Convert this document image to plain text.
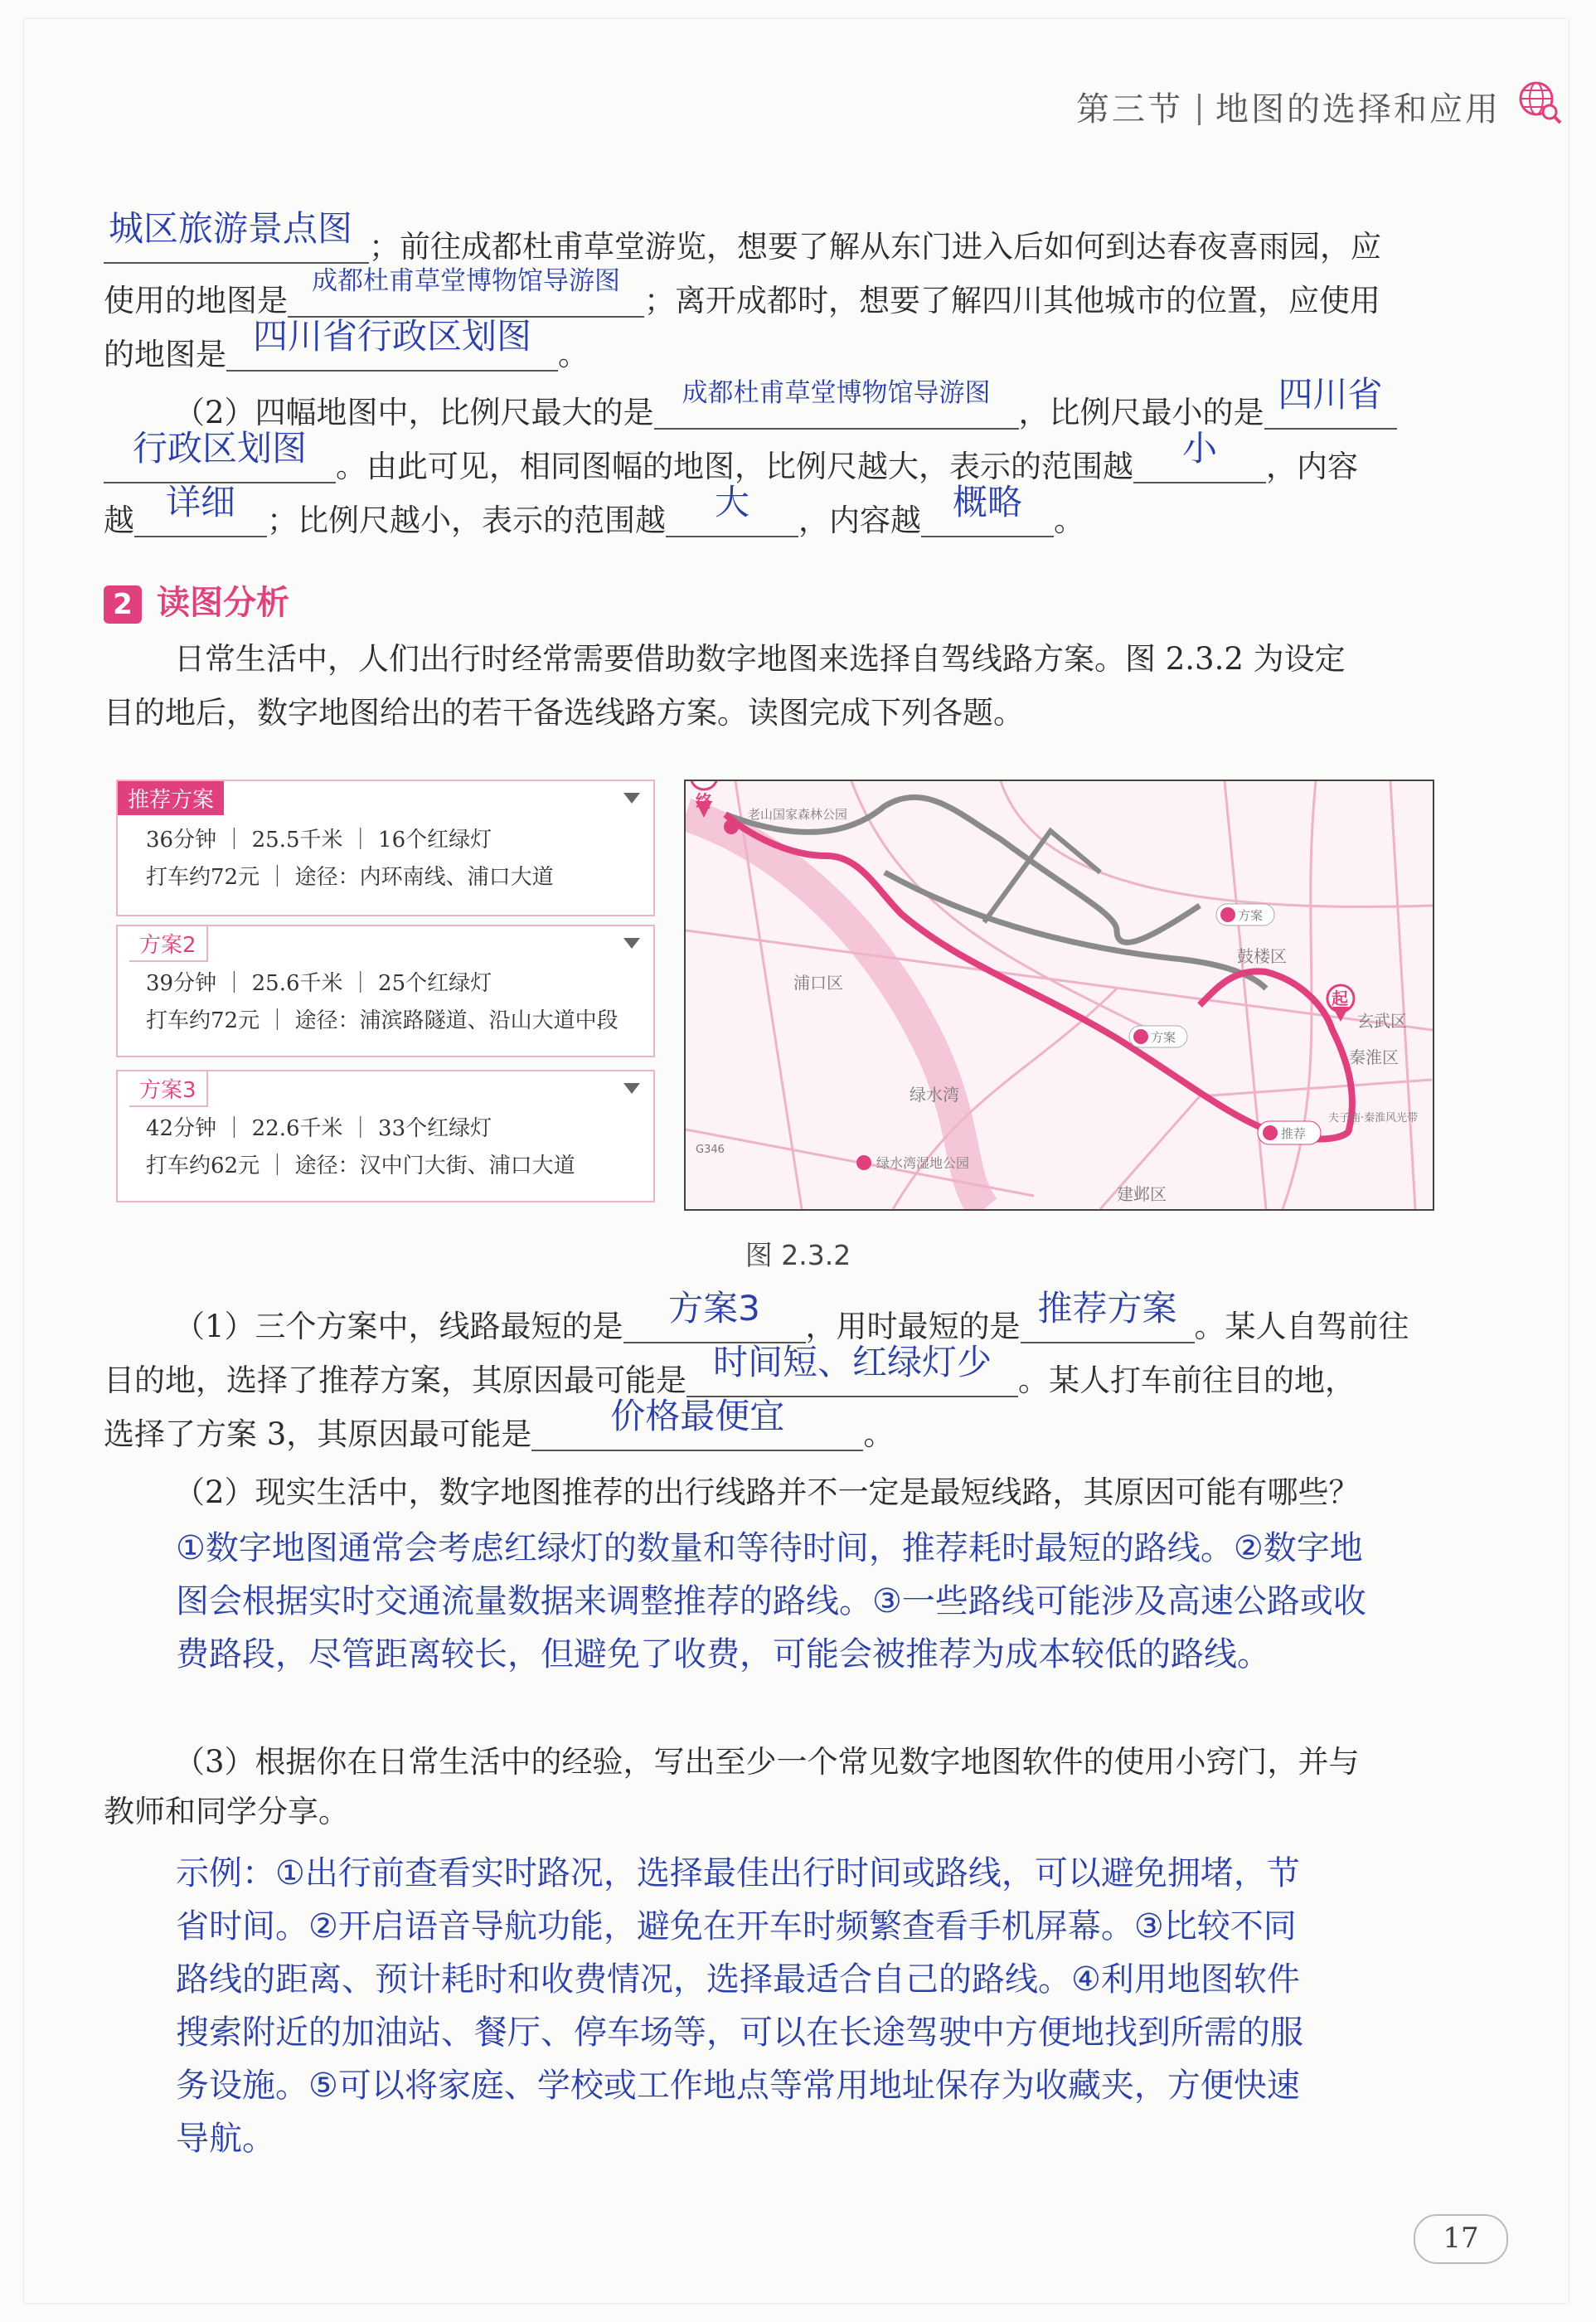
第三节 地图的选择和应用
城区旅游景点图 ；前往成都杜甫草堂游览，想要了解从东门进入后如何到达春夜喜雨园，应
使用的地图是
成都杜甫草堂博物馆导游图
；离开成都时，想要了解四川其他城市的位置，应使用
的地图是 四川省行政区划图 。
（2）四幅地图中，比例尺最大的是
成都杜甫草堂博物馆导游图
，比例尺最小的是 四川省
行政区划图 。由此可见，相同图幅的地图，比例尺越大，表示的范围越	小	，内容
越 详细	；比例尺越小，表示的范围越	大	，内容越 概略	。
2 读图分析
日常生活中，人们出行时经常需要借助数字地图来选择自驾线路方案。图 2.3.2 为设定
目的地后，数字地图给出的若干备选线路方案。读图完成下列各题。
推荐方案
36分钟 ｜ 25.5千米 ｜ 16个红绿灯
打车约72元 ｜ 途径：内环南线、浦口大道
方案2
39分钟 ｜ 25.6千米 ｜ 25个红绿灯
打车约72元 ｜ 途径：浦滨路隧道、沿山大道中段
方案3
42分钟 ｜ 22.6千米 ｜ 33个红绿灯
打车约62元 ｜ 途径：汉中门大街、浦口大道
终
起
老山国家森林公园
浦口区
鼓楼区
玄武区
秦淮区
建邺区
绿水湾
绿水湾湿地公园
方案
方案
推荐
G346
夫子庙·秦淮风光带
图 2.3.2
（1）三个方案中，线路最短的是	方案3	，用时最短的是 推荐方案 。某人自驾前往
目的地，选择了推荐方案，其原因最可能是 时间短、红绿灯少 。某人打车前往目的地，
选择了方案 3，其原因最可能是	价格最便宜	。
（2）现实生活中，数字地图推荐的出行线路并不一定是最短线路，其原因可能有哪些？
①数字地图通常会考虑红绿灯的数量和等待时间，推荐耗时最短的路线。②数字地
图会根据实时交通流量数据来调整推荐的路线。③一些路线可能涉及高速公路或收
费路段，尽管距离较长，但避免了收费，可能会被推荐为成本较低的路线。
（3）根据你在日常生活中的经验，写出至少一个常见数字地图软件的使用小窍门，并与
教师和同学分享。
示例：①出行前查看实时路况，选择最佳出行时间或路线，可以避免拥堵，节
省时间。②开启语音导航功能，避免在开车时频繁查看手机屏幕。③比较不同
路线的距离、预计耗时和收费情况，选择最适合自己的路线。④利用地图软件
搜索附近的加油站、餐厅、停车场等，可以在长途驾驶中方便地找到所需的服
务设施。⑤可以将家庭、学校或工作地点等常用地址保存为收藏夹，方便快速
导航。
17
